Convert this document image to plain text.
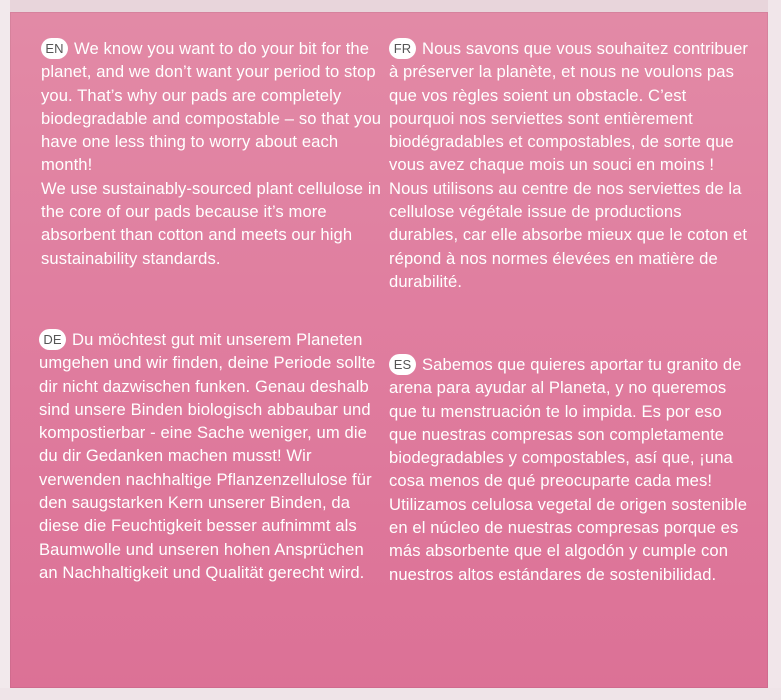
EN We know you want to do your bit for the planet, and we don’t want your period to stop you. That’s why our pads are completely biodegradable and compostable – so that you have one less thing to worry about each month!

We use sustainably-sourced plant cellulose in the core of our pads because it’s more absorbent than cotton and meets our high sustainability standards.

FR Nous savons que vous souhaitez contribuer à préserver la planète, et nous ne voulons pas que vos règles soient un obstacle. C’est pourquoi nos serviettes sont entièrement biodégradables et compostables, de sorte que vous avez chaque mois un souci en moins !

Nous utilisons au centre de nos serviettes de la cellulose végétale issue de productions durables, car elle absorbe mieux que le coton et répond à nos normes élevées en matière de durabilité.

DE Du möchtest gut mit unserem Planeten umgehen und wir finden, deine Periode sollte dir nicht dazwischen funken. Genau deshalb sind unsere Binden biologisch abbaubar und kompostierbar - eine Sache weniger, um die du dir Gedanken machen musst! Wir verwenden nachhaltige Pflanzenzellulose für den saugstarken Kern unserer Binden, da diese die Feuchtigkeit besser aufnimmt als Baumwolle und unseren hohen Ansprüchen an Nachhaltigkeit und Qualität gerecht wird.

ES Sabemos que quieres aportar tu granito de arena para ayudar al Planeta, y no queremos que tu menstruación te lo impida. Es por eso que nuestras compresas son completamente biodegradables y compostables, así que, ¡una cosa menos de qué preocuparte cada mes!

Utilizamos celulosa vegetal de origen sostenible en el núcleo de nuestras compresas porque es más absorbente que el algodón y cumple con nuestros altos estándares de sostenibilidad.
